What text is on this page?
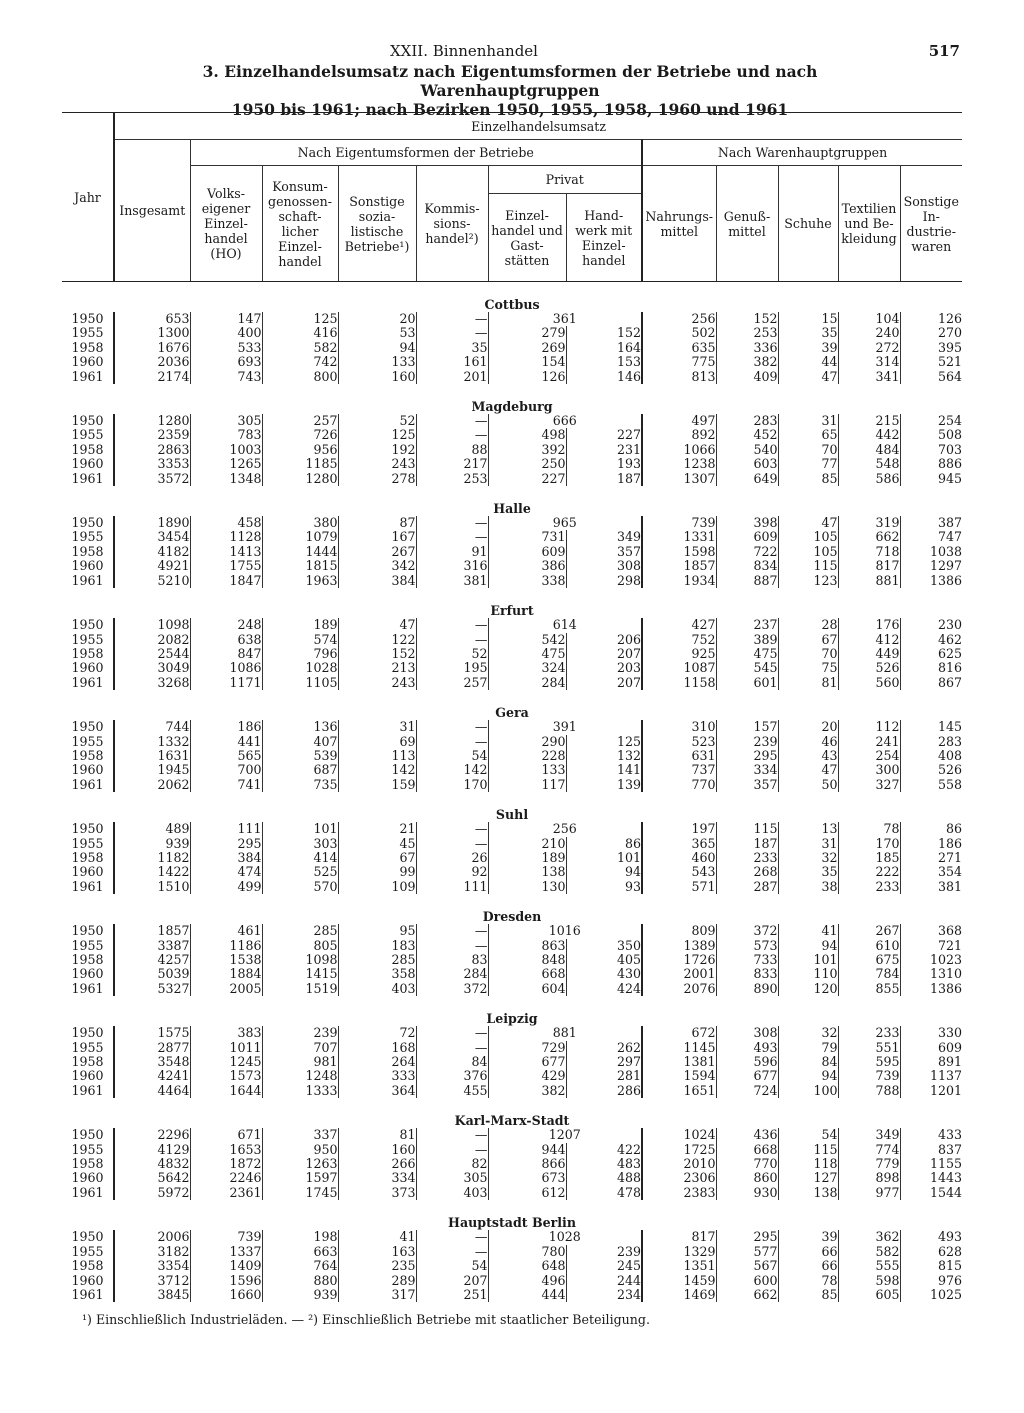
XXII. Binnenhandel	517
3. Einzelhandelsumsatz nach Eigentumsformen der Betriebe und nach Warenhauptgruppen
1950 bis 1961; nach Bezirken 1950, 1955, 1958, 1960 und 1961
Jahr	Einzelhandelsumsatz											
	Insgesamt	Nach Eigentumsformen der Betriebe						Nach Warenhauptgruppen				
		Volks- eigener Einzel- handel (HO)	Konsum- genossen- schaft- licher Einzel- handel	Sonstige sozia- listische Betriebe¹)	Kommis- sions- handel²)	Privat		Nahrungs- mittel	Genuß- mittel	Schuhe	Textilien und Be- kleidung	Sonstige In- dustrie- waren
						Einzel- handel und Gast- stätten	Hand- werk mit Einzel- handel					
Cottbus												
1950	653	147	125	20	—	361		256	152	15	104	126
1955	1300	400	416	53	—	279	152	502	253	35	240	270
1958	1676	533	582	94	35	269	164	635	336	39	272	395
1960	2036	693	742	133	161	154	153	775	382	44	314	521
1961	2174	743	800	160	201	126	146	813	409	47	341	564
Magdeburg												
1950	1280	305	257	52	—	666		497	283	31	215	254
1955	2359	783	726	125	—	498	227	892	452	65	442	508
1958	2863	1003	956	192	88	392	231	1066	540	70	484	703
1960	3353	1265	1185	243	217	250	193	1238	603	77	548	886
1961	3572	1348	1280	278	253	227	187	1307	649	85	586	945
Halle												
1950	1890	458	380	87	—	965		739	398	47	319	387
1955	3454	1128	1079	167	—	731	349	1331	609	105	662	747
1958	4182	1413	1444	267	91	609	357	1598	722	105	718	1038
1960	4921	1755	1815	342	316	386	308	1857	834	115	817	1297
1961	5210	1847	1963	384	381	338	298	1934	887	123	881	1386
Erfurt												
1950	1098	248	189	47	—	614		427	237	28	176	230
1955	2082	638	574	122	—	542	206	752	389	67	412	462
1958	2544	847	796	152	52	475	207	925	475	70	449	625
1960	3049	1086	1028	213	195	324	203	1087	545	75	526	816
1961	3268	1171	1105	243	257	284	207	1158	601	81	560	867
Gera												
1950	744	186	136	31	—	391		310	157	20	112	145
1955	1332	441	407	69	—	290	125	523	239	46	241	283
1958	1631	565	539	113	54	228	132	631	295	43	254	408
1960	1945	700	687	142	142	133	141	737	334	47	300	526
1961	2062	741	735	159	170	117	139	770	357	50	327	558
Suhl												
1950	489	111	101	21	—	256		197	115	13	78	86
1955	939	295	303	45	—	210	86	365	187	31	170	186
1958	1182	384	414	67	26	189	101	460	233	32	185	271
1960	1422	474	525	99	92	138	94	543	268	35	222	354
1961	1510	499	570	109	111	130	93	571	287	38	233	381
Dresden												
1950	1857	461	285	95	—	1016		809	372	41	267	368
1955	3387	1186	805	183	—	863	350	1389	573	94	610	721
1958	4257	1538	1098	285	83	848	405	1726	733	101	675	1023
1960	5039	1884	1415	358	284	668	430	2001	833	110	784	1310
1961	5327	2005	1519	403	372	604	424	2076	890	120	855	1386
Leipzig												
1950	1575	383	239	72	—	881		672	308	32	233	330
1955	2877	1011	707	168	—	729	262	1145	493	79	551	609
1958	3548	1245	981	264	84	677	297	1381	596	84	595	891
1960	4241	1573	1248	333	376	429	281	1594	677	94	739	1137
1961	4464	1644	1333	364	455	382	286	1651	724	100	788	1201
Karl-Marx-Stadt												
1950	2296	671	337	81	—	1207		1024	436	54	349	433
1955	4129	1653	950	160	—	944	422	1725	668	115	774	837
1958	4832	1872	1263	266	82	866	483	2010	770	118	779	1155
1960	5642	2246	1597	334	305	673	488	2306	860	127	898	1443
1961	5972	2361	1745	373	403	612	478	2383	930	138	977	1544
Hauptstadt Berlin												
1950	2006	739	198	41	—	1028		817	295	39	362	493
1955	3182	1337	663	163	—	780	239	1329	577	66	582	628
1958	3354	1409	764	235	54	648	245	1351	567	66	555	815
1960	3712	1596	880	289	207	496	244	1459	600	78	598	976
1961	3845	1660	939	317	251	444	234	1469	662	85	605	1025
¹) Einschließlich Industrieläden. — ²) Einschließlich Betriebe mit staatlicher Beteiligung.
